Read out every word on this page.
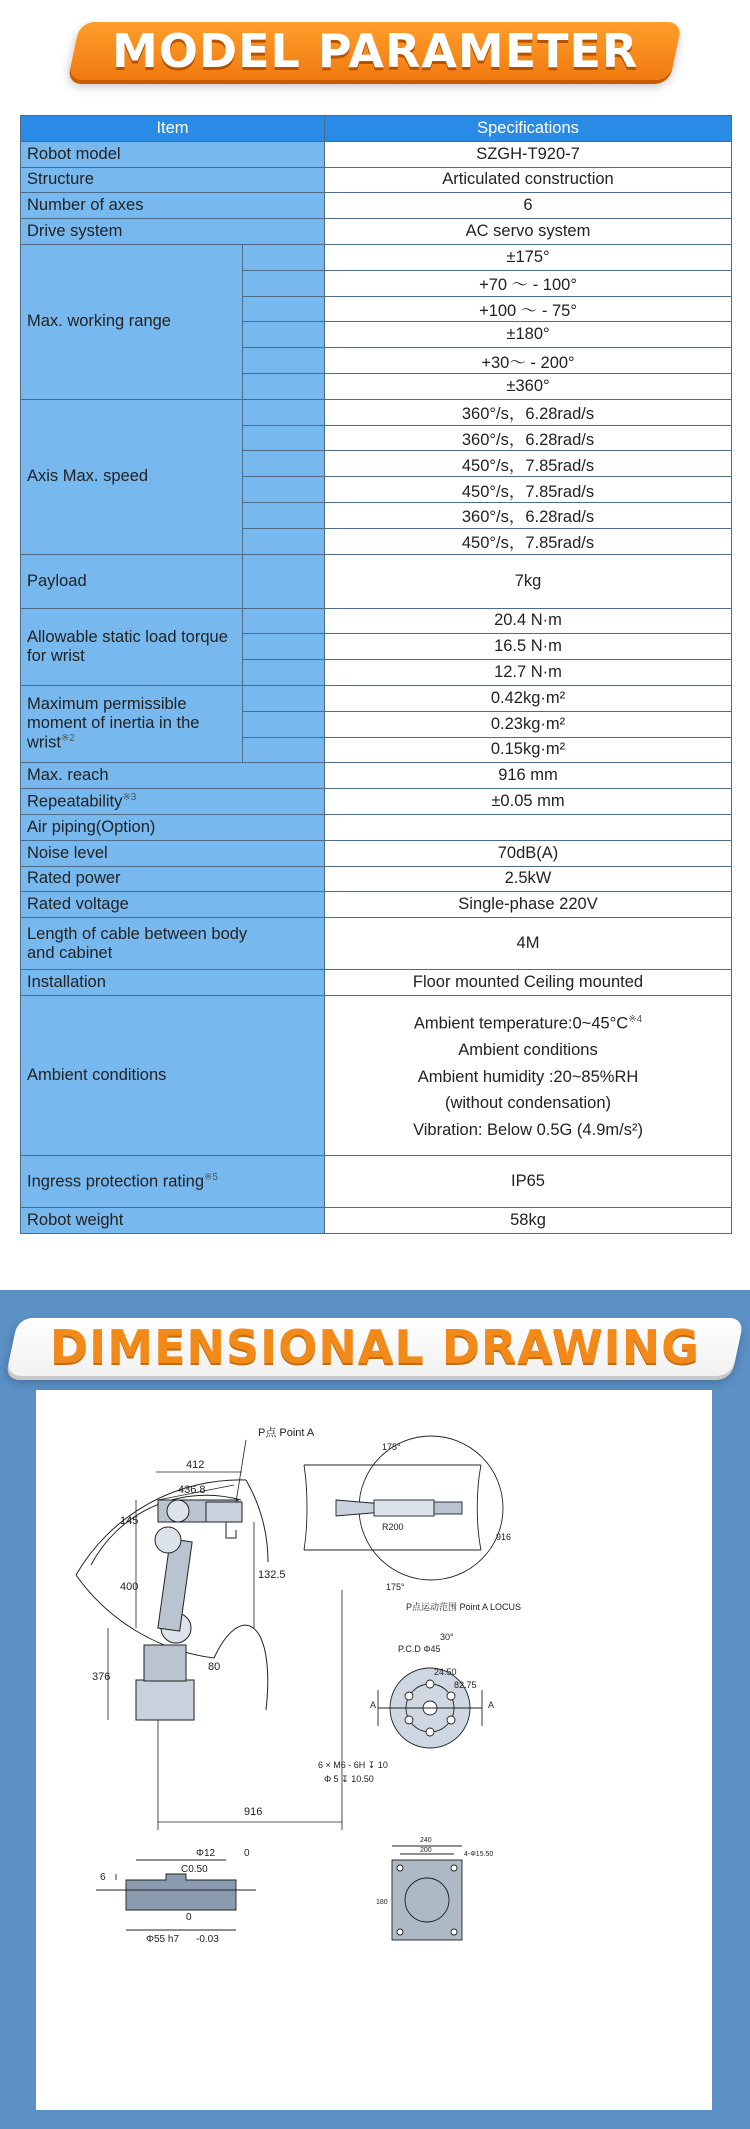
MODEL PARAMETER
Item		Specifications
Robot model		SZGH-T920-7
Structure		Articulated construction
Number of axes		6
Drive system		AC servo system
Max. working range		±175°
		+70 ～ - 100°
		+100 ～ - 75°
		±180°
		+30～ - 200°
		±360°
Axis Max. speed		360°/s，6.28rad/s
		360°/s，6.28rad/s
		450°/s，7.85rad/s
		450°/s，7.85rad/s
		360°/s，6.28rad/s
		450°/s，7.85rad/s
Payload		7kg
Allowable static load torque for wrist		20.4 N·m
		16.5 N·m
		12.7 N·m
Maximum permissible moment of inertia in the wrist$^{※2}$		0.42kg·m²
		0.23kg·m²
		0.15kg·m²
Max. reach		916 mm
Repeatability$^{※3}$		±0.05 mm
Air piping(Option)		
Noise level		70dB(A)
Rated power		2.5kW
Rated voltage		Single-phase 220V
Length of cable between body and cabinet		4M
Installation		Floor mounted Ceiling mounted
Ambient conditions		Ambient temperature:0~45°C$^{※4}$
Ambient conditions
Ambient humidity :20~85%RH
(without condensation)
Vibration: Below 0.5G (4.9m/s²)

Ingress protection rating$^{※5}$		IP65
Robot weight		58kg
DIMENSIONAL DRAWING
P点 Point A
412
436.8
145
400
376
132.5
80
916
175°
175°
916
R200
P点运动范围 Point A LOCUS
P.C.D Φ45
30°
24.50
82.75
A	A
6 × M6 - 6H ↧ 10
Φ 5 ↧ 10.50
Φ12	0
C0.50
6
0
Φ55 h7 -0.03
240
200
180
4-Φ15.50
